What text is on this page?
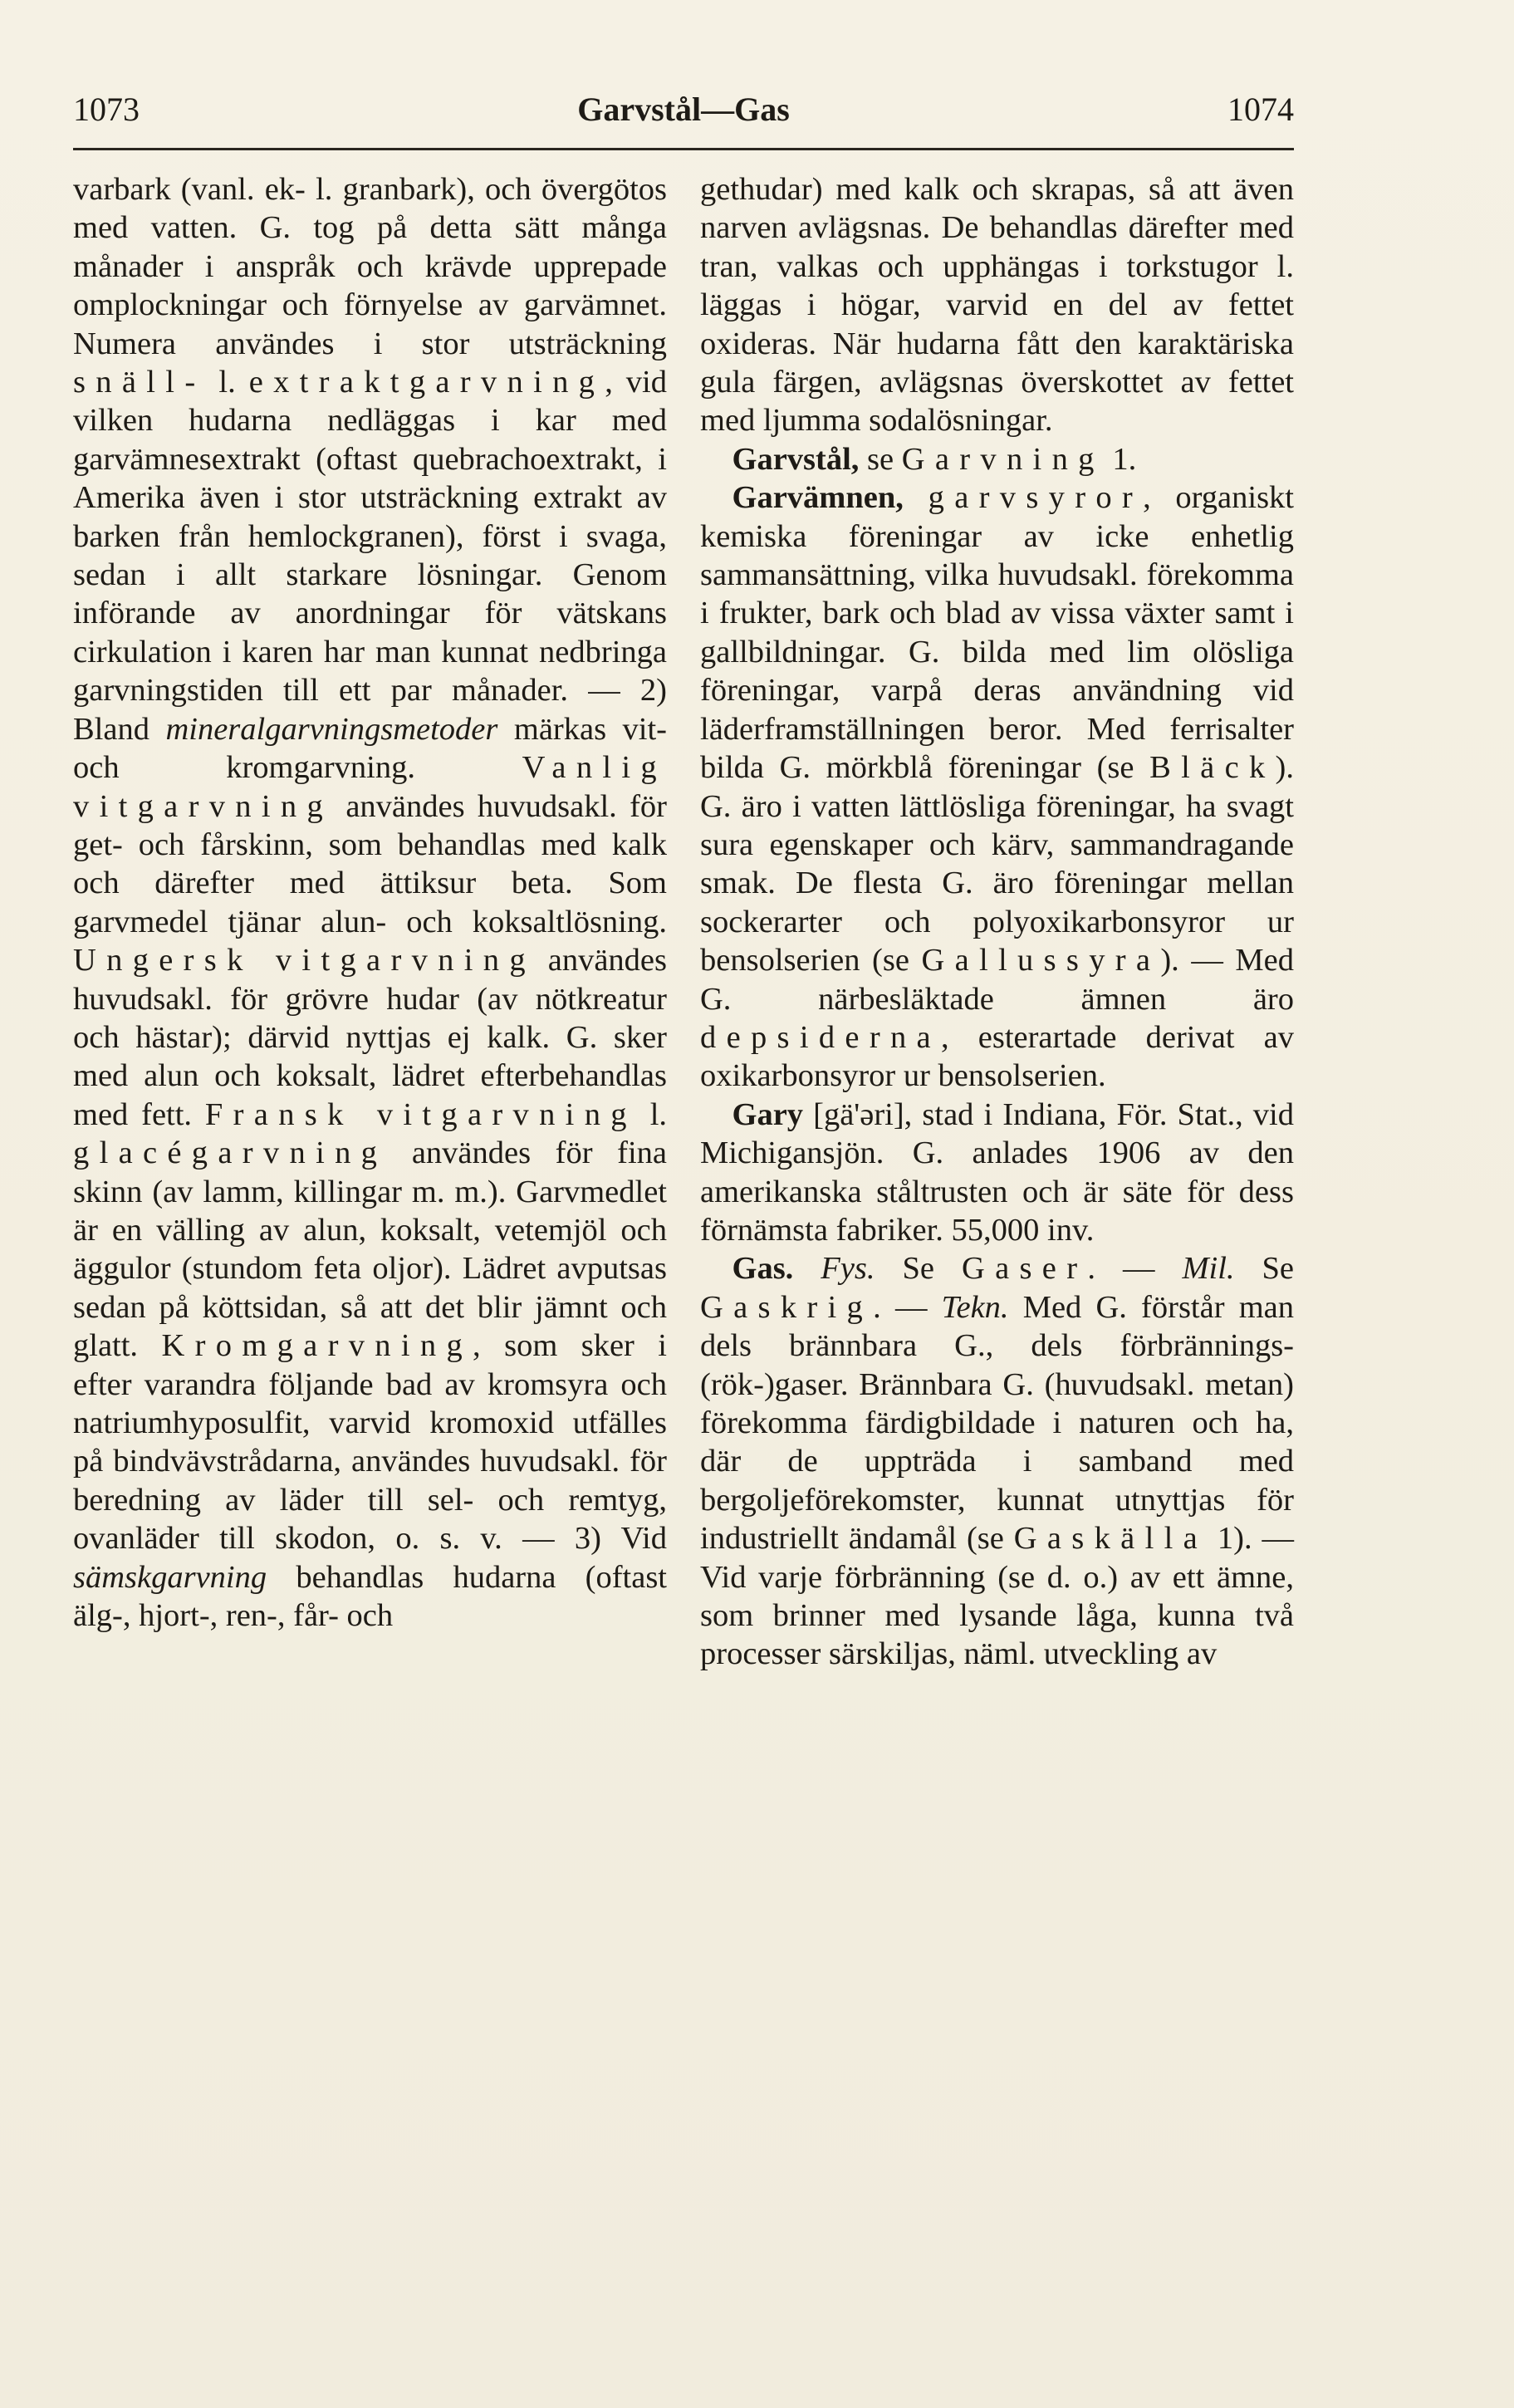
1073	Garvstål—Gas	1074

varbark (vanl. ek- l. granbark), och övergötos med vatten. G. tog på detta sätt många månader i anspråk och krävde upprepade omplockningar och förnyelse av garvämnet. Numera användes i stor utsträckning snäll- l. extraktgarvning, vid vilken hudarna nedläggas i kar med garvämnesextrakt (oftast quebrachoextrakt, i Amerika även i stor utsträckning extrakt av barken från hemlockgranen), först i svaga, sedan i allt starkare lösningar. Genom införande av anordningar för vätskans cirkulation i karen har man kunnat nedbringa garvningstiden till ett par månader. — 2) Bland mineralgarvningsmetoder märkas vit- och kromgarvning. Vanlig vitgarvning användes huvudsakl. för get- och fårskinn, som behandlas med kalk och därefter med ättiksur beta. Som garvmedel tjänar alun- och koksaltlösning. Ungersk vitgarvning användes huvudsakl. för grövre hudar (av nötkreatur och hästar); därvid nyttjas ej kalk. G. sker med alun och koksalt, lädret efterbehandlas med fett. Fransk vitgarvning l. glacégarvning användes för fina skinn (av lamm, killingar m. m.). Garvmedlet är en välling av alun, koksalt, vetemjöl och äggulor (stundom feta oljor). Lädret avputsas sedan på köttsidan, så att det blir jämnt och glatt. Kromgarvning, som sker i efter varandra följande bad av kromsyra och natriumhyposulfit, varvid kromoxid utfälles på bindvävstrådarna, användes huvudsakl. för beredning av läder till sel- och remtyg, ovanläder till skodon, o. s. v. — 3) Vid sämskgarvning behandlas hudarna (oftast älg-, hjort-, ren-, får- och

gethudar) med kalk och skrapas, så att även narven avlägsnas. De behandlas därefter med tran, valkas och upphängas i torkstugor l. läggas i högar, varvid en del av fettet oxideras. När hudarna fått den karaktäriska gula färgen, avlägsnas överskottet av fettet med ljumma sodalösningar.

 Garvstål, se Garvning 1.

 Garvämnen, garvsyror, organiskt kemiska föreningar av icke enhetlig sammansättning, vilka huvudsakl. förekomma i frukter, bark och blad av vissa växter samt i gallbildningar. G. bilda med lim olösliga föreningar, varpå deras användning vid läderframställningen beror. Med ferrisalter bilda G. mörkblå föreningar (se Bläck). G. äro i vatten lättlösliga föreningar, ha svagt sura egenskaper och kärv, sammandragande smak. De flesta G. äro föreningar mellan sockerarter och polyoxikarbonsyror ur bensolserien (se Gallussyra). — Med G. närbesläktade ämnen äro depsiderna, esterartade derivat av oxikarbonsyror ur bensolserien.

 Gary [gä'əri], stad i Indiana, För. Stat., vid Michigansjön. G. anlades 1906 av den amerikanska ståltrusten och är säte för dess förnämsta fabriker. 55,000 inv.

 Gas. Fys. Se Gaser. — Mil. Se Gaskrig. — Tekn. Med G. förstår man dels brännbara G., dels förbrännings-(rök-)gaser. Brännbara G. (huvudsakl. metan) förekomma färdigbildade i naturen och ha, där de uppträda i samband med bergoljeförekomster, kunnat utnyttjas för industriellt ändamål (se Gaskälla 1). — Vid varje förbränning (se d. o.) av ett ämne, som brinner med lysande låga, kunna två processer särskiljas, näml. utveckling av
